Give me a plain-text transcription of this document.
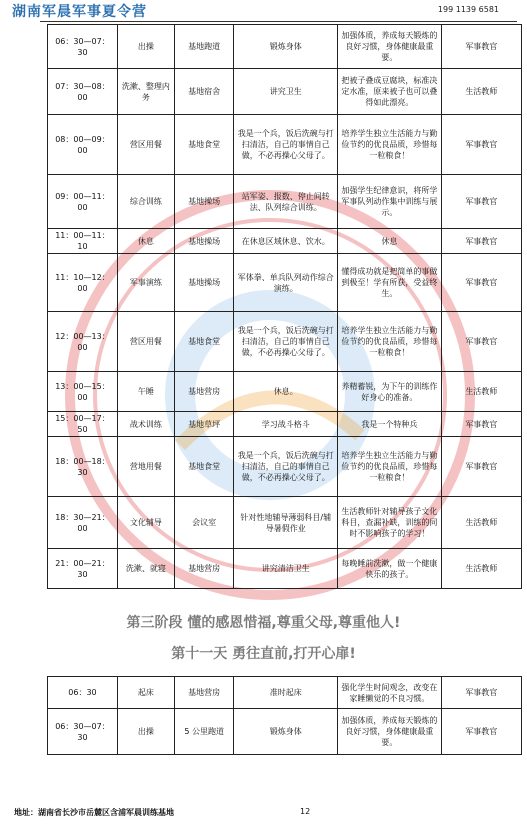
湖南军晨军事夏令营	199 1139 6581
06：30—07：30	出操	基地跑道	锻炼身体	加强体质，养成每天锻炼的良好习惯，身体健康最重要。	军事教官
07：30—08：00	洗漱、整理内务	基地宿舍	讲究卫生	把被子叠成豆腐块，标准决定水准，原来被子也可以叠得如此漂亮。	生活教师
08：00—09：00	营区用餐	基地食堂	我是一个兵，饭后洗碗与打扫清洁，自己的事情自己做，不必再操心父母了。	培养学生独立生活能力与勤俭节约的优良品质，珍惜每一粒粮食！	军事教官
09：00—11：00	综合训练	基地操场	站军姿、报数、停止间转法、队列综合训练。	加强学生纪律意识，将所学军事队列动作集中训练与展示。	军事教官
11：00—11：10	休息	基地操场	在休息区域休息、饮水。	休息	军事教官
11：10—12：00	军事演练	基地操场	军体拳、单兵队列动作综合演练。	懂得成功就是把简单的事做到极至！学有所获，受益终生。	军事教官
12：00—13：00	营区用餐	基地食堂	我是一个兵，饭后洗碗与打扫清洁，自己的事情自己做，不必再操心父母了。	培养学生独立生活能力与勤俭节约的优良品质，珍惜每一粒粮食！	军事教官
13：00—15：00	午睡	基地营房	休息。	养精蓄锐，为下午的训练作好身心的准备。	生活教师
15：00—17：50	战术训练	基地草坪	学习战斗格斗	我是一个特种兵	军事教官
18：00—18：30	营地用餐	基地食堂	我是一个兵，饭后洗碗与打扫清洁，自己的事情自己做，不必再操心父母了。	培养学生独立生活能力与勤俭节约的优良品质，珍惜每一粒粮食！	军事教官
18：30—21：00	文化辅导	会议室	针对性地辅导薄弱科目/辅导暑假作业	生活教师针对辅导孩子文化科目，查漏补缺，训练的同时不影响孩子的学习！	生活教师
21：00—21：30	洗漱、就寝	基地营房	讲究清洁卫生	每晚睡前洗漱，做一个健康快乐的孩子。	生活教师
第三阶段 懂的感恩惜福,尊重父母,尊重他人!
第十一天 勇往直前,打开心扉!
06：30	起床	基地营房	准时起床	强化学生时间观念，改变在家睡懒觉的不良习惯。	军事教官
06：30—07：30	出操	5 公里跑道	锻炼身体	加强体质，养成每天锻炼的良好习惯，身体健康最重要。	军事教官
地址：湖南省长沙市岳麓区含浦军晨训练基地	12
